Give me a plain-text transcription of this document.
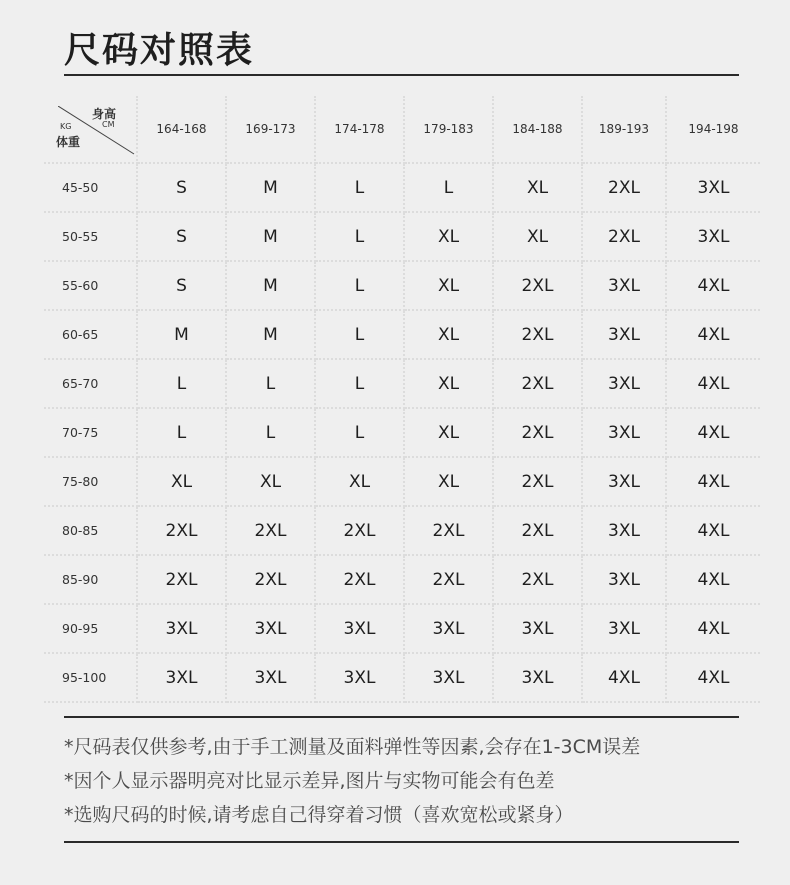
尺码对照表
身高
CM
KG
体重	164-168	169-173	174-178	179-183	184-188	189-193	194-198
45-50	S	M	L	L	XL	2XL	3XL
50-55	S	M	L	XL	XL	2XL	3XL
55-60	S	M	L	XL	2XL	3XL	4XL
60-65	M	M	L	XL	2XL	3XL	4XL
65-70	L	L	L	XL	2XL	3XL	4XL
70-75	L	L	L	XL	2XL	3XL	4XL
75-80	XL	XL	XL	XL	2XL	3XL	4XL
80-85	2XL	2XL	2XL	2XL	2XL	3XL	4XL
85-90	2XL	2XL	2XL	2XL	2XL	3XL	4XL
90-95	3XL	3XL	3XL	3XL	3XL	3XL	4XL
95-100	3XL	3XL	3XL	3XL	3XL	4XL	4XL
*尺码表仅供参考,由于手工测量及面料弹性等因素,会存在1-3CM误差
*因个人显示器明亮对比显示差异,图片与实物可能会有色差
*选购尺码的时候,请考虑自己得穿着习惯（喜欢宽松或紧身）
